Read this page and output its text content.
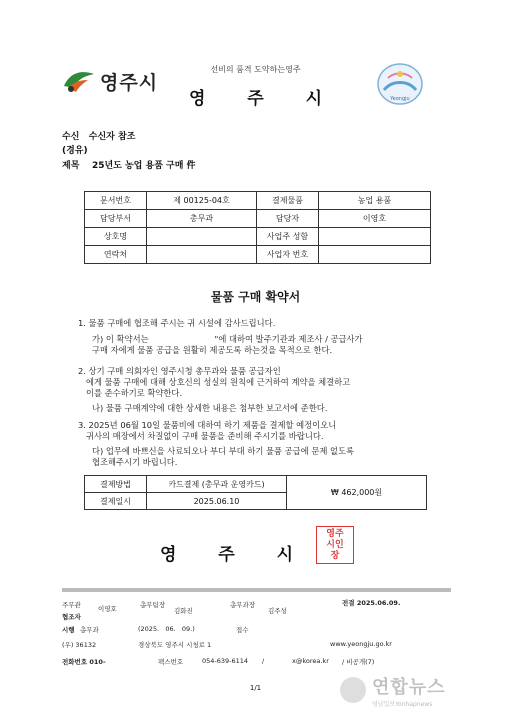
영주시
선비의 품격 도약하는영주
영 주 시	Yeongju
수신 수신자 참조
(경유)
제목 25년도 농업 용품 구매 件
문서번호	제 00125-04호	결제물품	농업 용품
담당부서	총무과	담당자	이영호
상호명		사업주 성함	
연락처		사업자 번호	
물품 구매 확약서
1. 물품 구매에 협조해 주시는 귀 시설에 감사드립니다.
가) 이 확약서는                         "에 대하여 발주기관과 제조사 / 공급사가
구매 자에게 물품 공급을 원활히 제공도록 하는것을 목적으로 한다.
2. 상기 구매 의회자인 영주시청 총무과와 물품 공급자인
에게 물품 구매에 대해 상호신의 성실의 원칙에 근거하여 계약을 체결하고
이를 준수하기로 확약한다.
나) 물품 구매계약에 대한 상세한 내용은 첨부한 보고서에 준한다.
3. 2025년 06월 10일 물품비에 대하여 하기 제품을 결제할 예정이오니
귀사의 매장에서 차질없이 구매 물품을 준비해 주시기를 바랍니다.
다) 업무에 바쁘신을 사료되오나 부디 부대 하기 물품 공급에 문제 없도록
협조해주시기 바립니다.
결제방법	카드결제 (총무과 운영카드)	₩ 462,000원
결제일시	2025.06.10	
영 주 시
영주
시인
장
주무관	이영호	총무팀장
김화진
총무과장
김주성
전결 2025.06.09.
협조자
시행 총무과	(2025.   06.   09.)	접수
(우) 36132	경상북도 영주시 시청로 1	www.yeongju.go.kr
전화번호 010-	팩스번호	054-639-6114 /	x@korea.kr / 비공개(7)
1/1	연합뉴스
영남일보Yonhapnews
